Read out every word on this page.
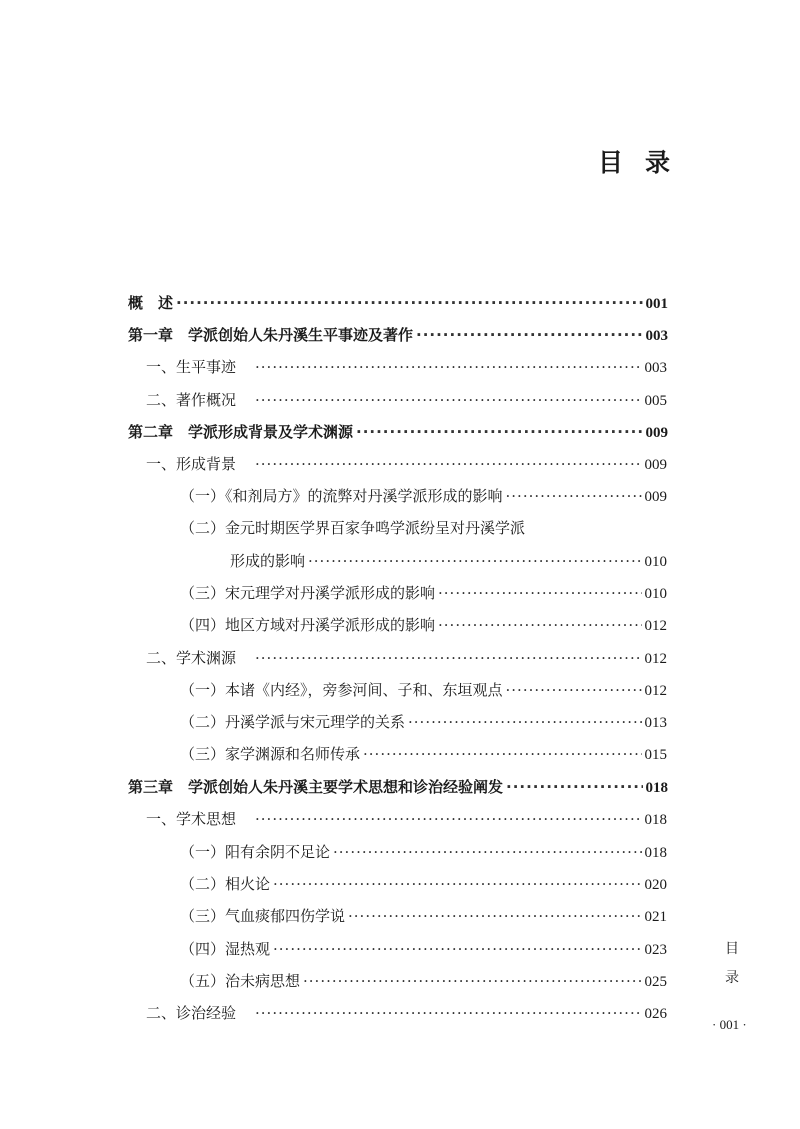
目录
概　述 ·····	001
第一章　学派创始人朱丹溪生平事迹及著作 ·····	003
一、生平事迹 ·····	003
二、著作概况 ·····	005
第二章　学派形成背景及学术渊源 ·····	009
一、形成背景 ·····	009
（一）《和剂局方》的流弊对丹溪学派形成的影响 ·····	009
（二）金元时期医学界百家争鸣学派纷呈对丹溪学派
形成的影响 ·····	010
（三）宋元理学对丹溪学派形成的影响 ·····	010
（四）地区方域对丹溪学派形成的影响 ·····	012
二、学术渊源 ·····	012
（一）本诸《内经》，旁参河间、子和、东垣观点 ·····	012
（二）丹溪学派与宋元理学的关系 ·····	013
（三）家学渊源和名师传承 ·····	015
第三章　学派创始人朱丹溪主要学术思想和诊治经验阐发 ·····	018
一、学术思想 ·····	018
（一）阳有余阴不足论 ·····	018
（二）相火论 ·····	020
（三）气血痰郁四伤学说 ·····	021
（四）湿热观 ·····	023
（五）治未病思想 ·····	025
二、诊治经验 ·····	026
目
录
· 001 ·
